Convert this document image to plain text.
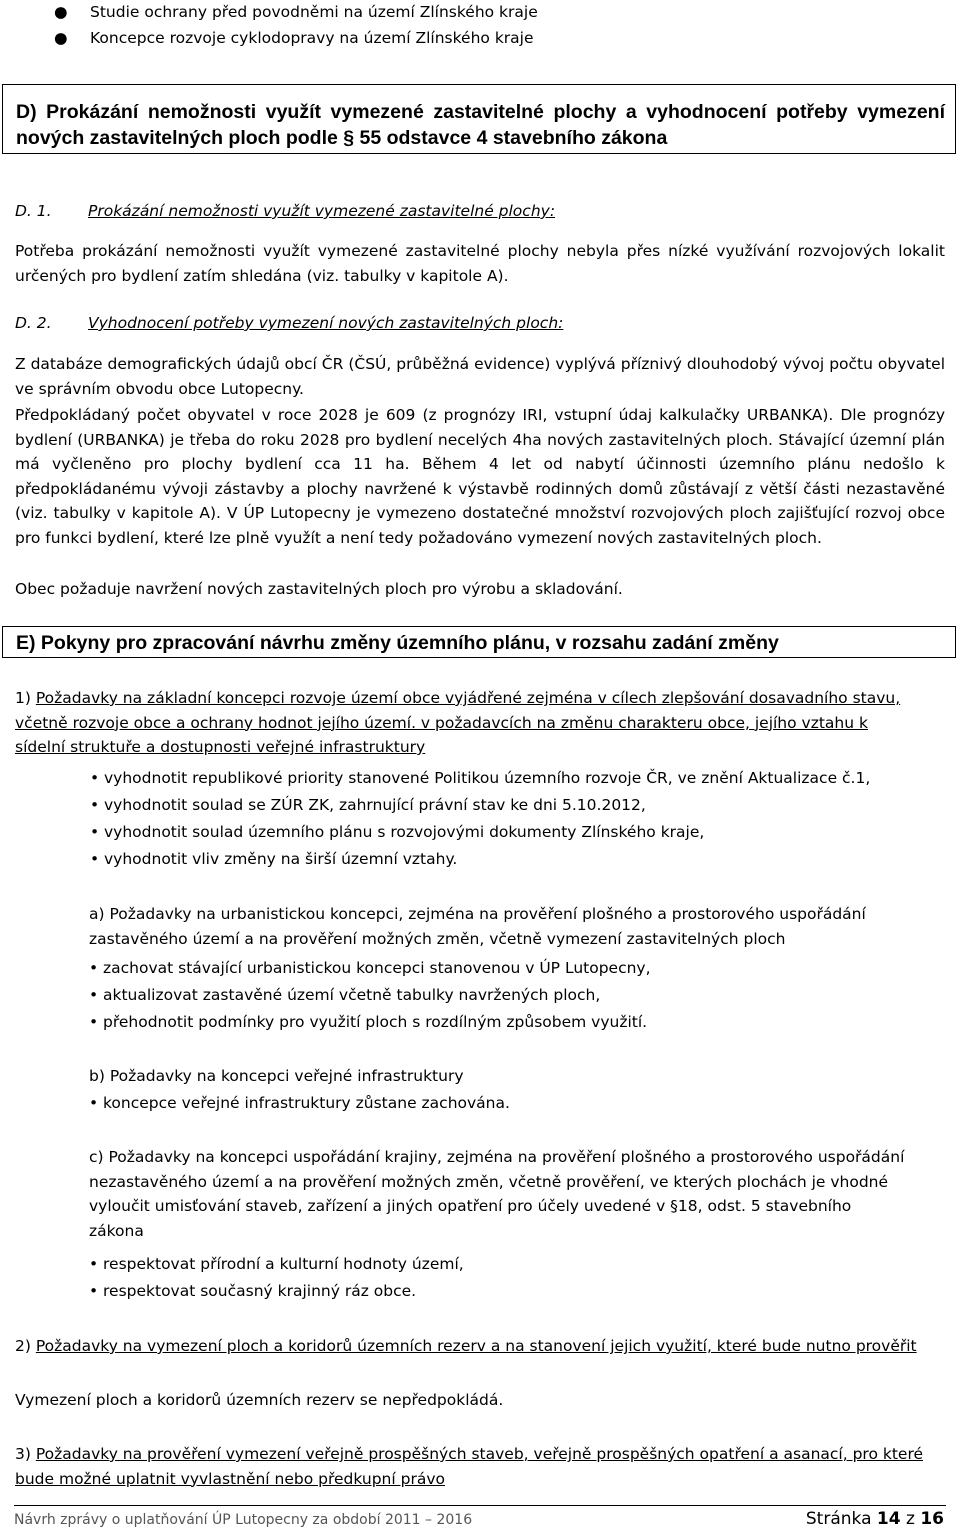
● Studie ochrany před povodněmi na území Zlínského kraje

● Koncepce rozvoje cyklodopravy na území Zlínského kraje

D) Prokázání nemožnosti využít vymezené zastavitelné plochy a vyhodnocení potřeby vymezení nových zastavitelných ploch podle § 55 odstavce 4 stavebního zákona
D. 1. Prokázání nemožnosti využít vymezené zastavitelné plochy:

Potřeba prokázání nemožnosti využít vymezené zastavitelné plochy nebyla přes nízké využívání rozvojových lokalit určených pro bydlení zatím shledána (viz. tabulky v kapitole A).

D. 2. Vyhodnocení potřeby vymezení nových zastavitelných ploch:

Z databáze demografických údajů obcí ČR (ČSÚ, průběžná evidence) vyplývá příznivý dlouhodobý vývoj počtu obyvatel ve správním obvodu obce Lutopecny.

Předpokládaný počet obyvatel v roce 2028 je 609 (z prognózy IRI, vstupní údaj kalkulačky URBANKA). Dle prognózy bydlení (URBANKA) je třeba do roku 2028 pro bydlení necelých 4ha nových zastavitelných ploch. Stávající územní plán má vyčleněno pro plochy bydlení cca 11 ha. Během 4 let od nabytí účinnosti územního plánu nedošlo k předpokládanému vývoji zástavby a plochy navržené k výstavbě rodinných domů zůstávají z větší části nezastavěné (viz. tabulky v kapitole A). V ÚP Lutopecny je vymezeno dostatečné množství rozvojových ploch zajišťující rozvoj obce pro funkci bydlení, které lze plně využít a není tedy požadováno vymezení nových zastavitelných ploch.

Obec požaduje navržení nových zastavitelných ploch pro výrobu a skladování.

E) Pokyny pro zpracování návrhu změny územního plánu, v rozsahu zadání změny

1) Požadavky na základní koncepci rozvoje území obce vyjádřené zejména v cílech zlepšování dosavadního stavu, včetně rozvoje obce a ochrany hodnot jejího území. v požadavcích na změnu charakteru obce, jejího vztahu k sídelní struktuře a dostupnosti veřejné infrastruktury

• vyhodnotit republikové priority stanovené Politikou územního rozvoje ČR, ve znění Aktualizace č.1,

• vyhodnotit soulad se ZÚR ZK, zahrnující právní stav ke dni 5.10.2012,

• vyhodnotit soulad územního plánu s rozvojovými dokumenty Zlínského kraje,

• vyhodnotit vliv změny na širší územní vztahy.

a) Požadavky na urbanistickou koncepci, zejména na prověření plošného a prostorového uspořádání zastavěného území a na prověření možných změn, včetně vymezení zastavitelných ploch

• zachovat stávající urbanistickou koncepci stanovenou v ÚP Lutopecny,

• aktualizovat zastavěné území včetně tabulky navržených ploch,

• přehodnotit podmínky pro využití ploch s rozdílným způsobem využití.

b) Požadavky na koncepci veřejné infrastruktury

• koncepce veřejné infrastruktury zůstane zachována.

c) Požadavky na koncepci uspořádání krajiny, zejména na prověření plošného a prostorového uspořádání nezastavěného území a na prověření možných změn, včetně prověření, ve kterých plochách je vhodné vyloučit umisťování staveb, zařízení a jiných opatření pro účely uvedené v §18, odst. 5 stavebního zákona

• respektovat přírodní a kulturní hodnoty území,

• respektovat současný krajinný ráz obce.

2) Požadavky na vymezení ploch a koridorů územních rezerv a na stanovení jejich využití, které bude nutno prověřit

Vymezení ploch a koridorů územních rezerv se nepředpokládá.

3) Požadavky na prověření vymezení veřejně prospěšných staveb, veřejně prospěšných opatření a asanací, pro které bude možné uplatnit vyvlastnění nebo předkupní právo

Návrh zprávy o uplatňování ÚP Lutopecny za období 2011 – 2016	Stránka 14 z 16
